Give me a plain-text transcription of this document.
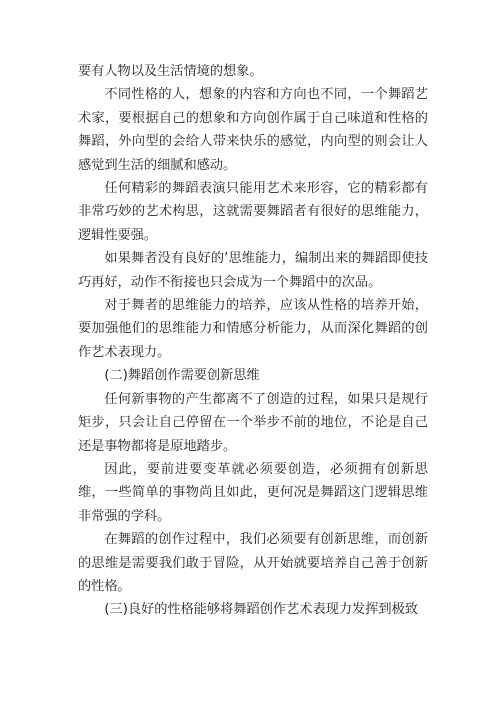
要有人物以及生活情境的想象。

不同性格的人，想象的内容和方向也不同，一个舞蹈艺术家，要根据自己的想象和方向创作属于自己味道和性格的舞蹈，外向型的会给人带来快乐的感觉，内向型的则会让人感觉到生活的细腻和感动。

任何精彩的舞蹈表演只能用艺术来形容，它的精彩都有非常巧妙的艺术构思，这就需要舞蹈者有很好的思维能力，逻辑性要强。

如果舞者没有良好的’思维能力，编制出来的舞蹈即使技巧再好，动作不衔接也只会成为一个舞蹈中的次品。

对于舞者的思维能力的培养，应该从性格的培养开始，要加强他们的思维能力和情感分析能力，从而深化舞蹈的创作艺术表现力。

(二)舞蹈创作需要创新思维

任何新事物的产生都离不了创造的过程，如果只是规行矩步，只会让自己停留在一个举步不前的地位，不论是自己还是事物都将是原地踏步。

因此，要前进要变革就必须要创造，必须拥有创新思维，一些简单的事物尚且如此，更何况是舞蹈这门逻辑思维非常强的学科。

在舞蹈的创作过程中，我们必须要有创新思维，而创新的思维是需要我们敢于冒险，从开始就要培养自己善于创新的性格。

(三)良好的性格能够将舞蹈创作艺术表现力发挥到极致
